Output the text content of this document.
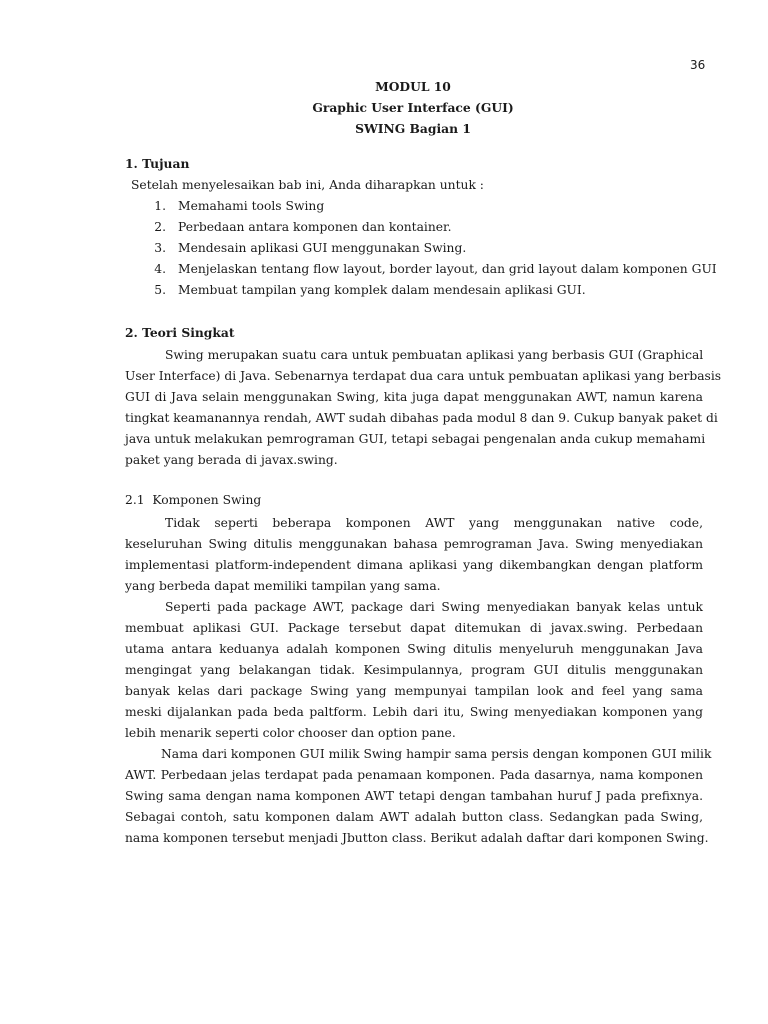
36
MODUL 10
Graphic User Interface (GUI)
SWING Bagian 1
1. Tujuan
Setelah menyelesaikan bab ini, Anda diharapkan untuk :
1. Memahami tools Swing
2. Perbedaan antara komponen dan kontainer.
3. Mendesain aplikasi GUI menggunakan Swing.
4. Menjelaskan tentang flow layout, border layout, dan grid layout dalam komponen GUI
5. Membuat tampilan yang komplek dalam mendesain aplikasi GUI.
2. Teori Singkat
Swing merupakan suatu cara untuk pembuatan aplikasi yang berbasis GUI (Graphical
User Interface) di Java. Sebenarnya terdapat dua cara untuk pembuatan aplikasi yang berbasis
GUI di Java selain menggunakan Swing, kita juga dapat menggunakan AWT, namun karena
tingkat keamanannya rendah, AWT sudah dibahas pada modul 8 dan 9. Cukup banyak paket di
java untuk melakukan pemrograman GUI, tetapi sebagai pengenalan anda cukup memahami
paket yang berada di javax.swing.
2.1  Komponen Swing
Tidak seperti beberapa komponen AWT yang menggunakan native code,
keseluruhan Swing ditulis menggunakan bahasa pemrograman Java. Swing menyediakan
implementasi platform-independent dimana aplikasi yang dikembangkan dengan platform
yang berbeda dapat memiliki tampilan yang sama.
Seperti pada package AWT, package dari Swing menyediakan banyak kelas untuk
membuat aplikasi GUI. Package tersebut dapat ditemukan di javax.swing. Perbedaan
utama antara keduanya adalah komponen Swing ditulis menyeluruh menggunakan Java
mengingat yang belakangan tidak. Kesimpulannya, program GUI ditulis menggunakan
banyak kelas dari package Swing yang mempunyai tampilan look and feel yang sama
meski dijalankan pada beda paltform. Lebih dari itu, Swing menyediakan komponen yang
lebih menarik seperti color chooser dan option pane.
Nama dari komponen GUI milik Swing hampir sama persis dengan komponen GUI milik
AWT. Perbedaan jelas terdapat pada penamaan komponen. Pada dasarnya, nama komponen
Swing sama dengan nama komponen AWT tetapi dengan tambahan huruf J pada prefixnya.
Sebagai contoh, satu komponen dalam AWT adalah button class. Sedangkan pada Swing,
nama komponen tersebut menjadi Jbutton class. Berikut adalah daftar dari komponen Swing.
